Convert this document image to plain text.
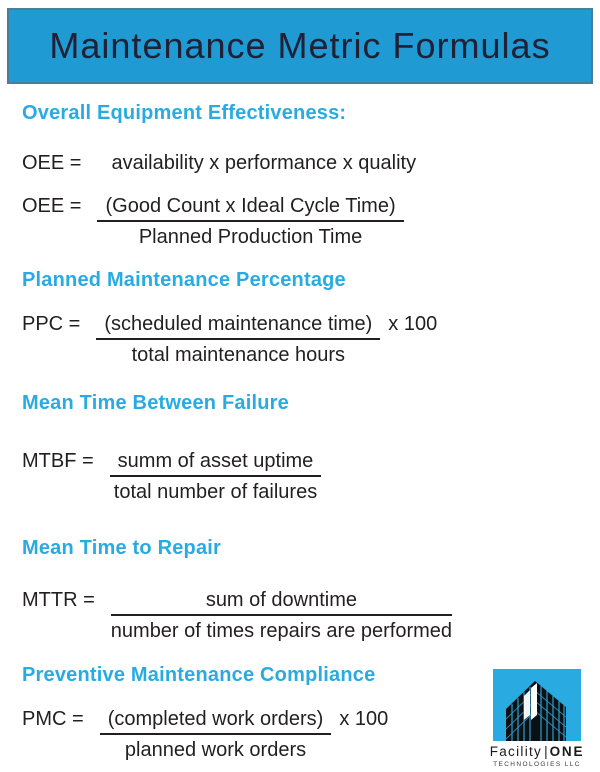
Maintenance Metric Formulas
Overall Equipment Effectiveness:
OEE = availability x performance x quality
OEE = $\frac{\text{(Good Count x Ideal Cycle Time)}}{\text{Planned Production Time}}$
Planned Maintenance Percentage
PPC = $\frac{\text{(scheduled maintenance time)}}{\text{total maintenance hours}}$ x 100
Mean Time Between Failure
MTBF = $\frac{\text{summ of asset uptime}}{\text{total number of failures}}$
Mean Time to Repair
MTTR = $\frac{\text{sum of downtime}}{\text{number of times repairs are performed}}$
Preventive Maintenance Compliance
PMC = $\frac{\text{(completed work orders)}}{\text{planned work orders}}$ x 100
Facility | ONE
TECHNOLOGIES LLC
